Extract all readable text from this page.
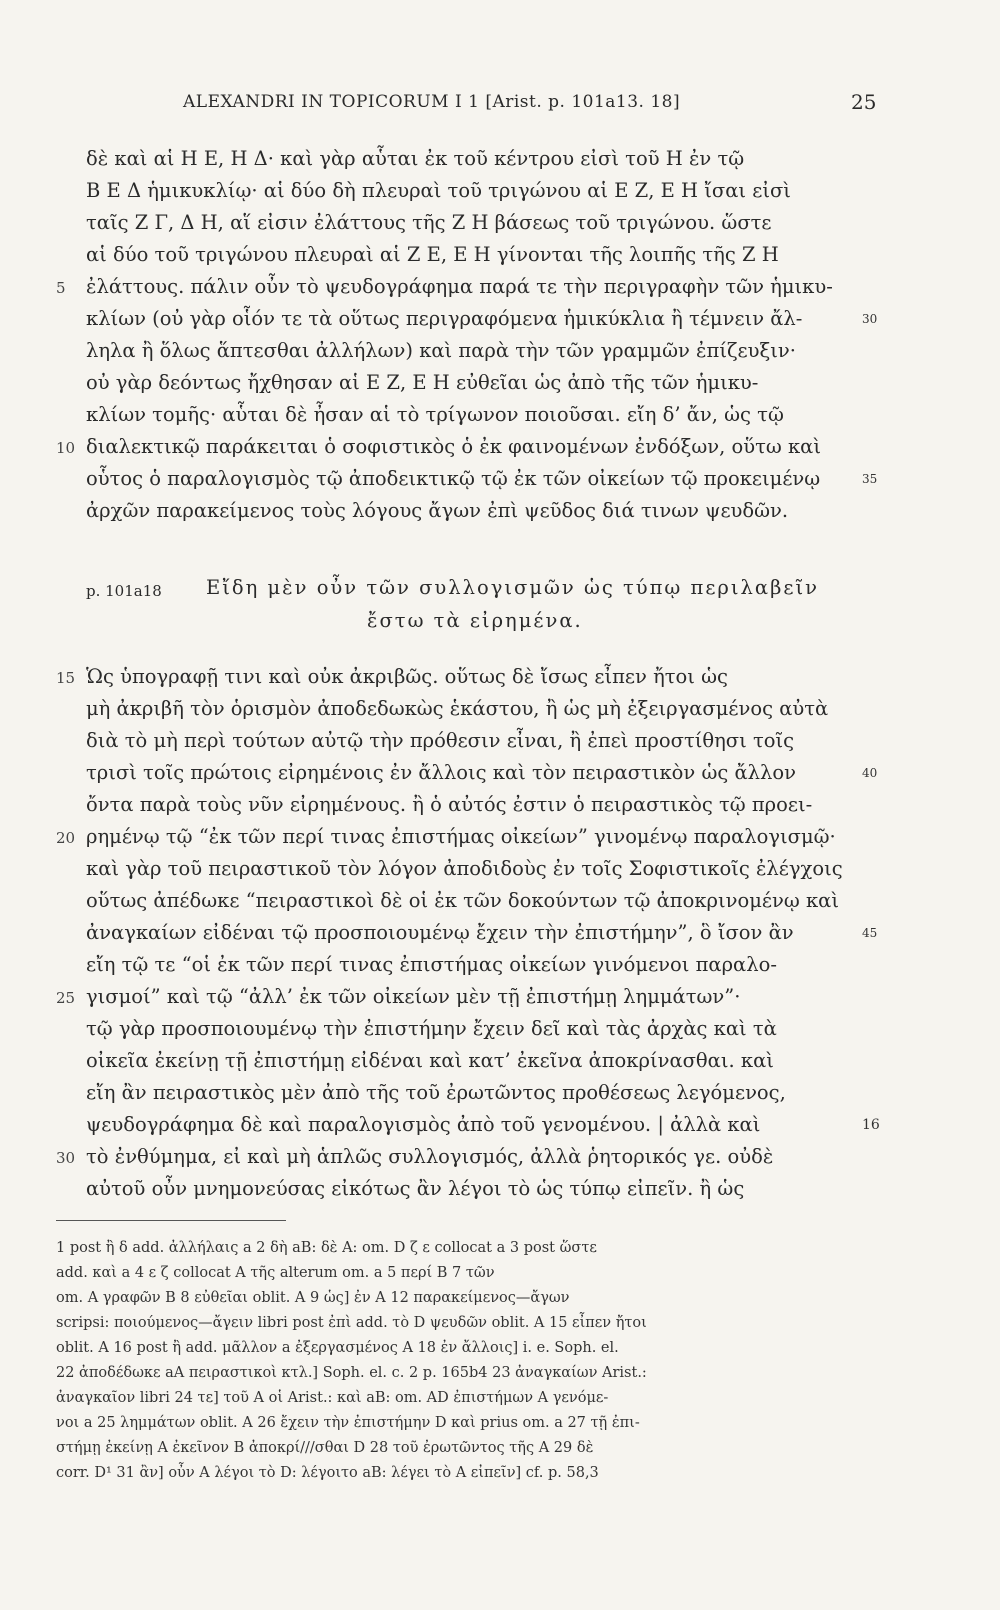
ALEXANDRI IN TOPICORUM I 1 [Arist. p. 101a13. 18]	25
δὲ καὶ αἱ Η Ε, Η Δ· καὶ γὰρ αὗται ἐκ τοῦ κέντρου εἰσὶ τοῦ Η ἐν τῷ
Β Ε Δ ἡμικυκλίῳ· αἱ δύο δὴ πλευραὶ τοῦ τριγώνου αἱ Ε Ζ, Ε Η ἴσαι εἰσὶ
ταῖς Ζ Γ, Δ Η, αἵ εἰσιν ἐλάττους τῆς Ζ Η βάσεως τοῦ τριγώνου. ὥστε
αἱ δύο τοῦ τριγώνου πλευραὶ αἱ Ζ Ε, Ε Η γίνονται τῆς λοιπῆς τῆς Ζ Η
ἐλάττους. πάλιν οὖν τὸ ψευδογράφημα παρά τε τὴν περιγραφὴν τῶν ἡμικυ-
κλίων (οὐ γὰρ οἷόν τε τὰ οὕτως περιγραφόμενα ἡμικύκλια ἢ τέμνειν ἄλ-
ληλα ἢ ὅλως ἅπτεσθαι ἀλλήλων) καὶ παρὰ τὴν τῶν γραμμῶν ἐπίζευξιν·
οὐ γὰρ δεόντως ἤχθησαν αἱ Ε Ζ, Ε Η εὐθεῖαι ὡς ἀπὸ τῆς τῶν ἡμικυ-
κλίων τομῆς· αὗται δὲ ἦσαν αἱ τὸ τρίγωνον ποιοῦσαι. εἴη δ’ ἄν, ὡς τῷ
διαλεκτικῷ παράκειται ὁ σοφιστικὸς ὁ ἐκ φαινομένων ἐνδόξων, οὕτω καὶ
οὗτος ὁ παραλογισμὸς τῷ ἀποδεικτικῷ τῷ ἐκ τῶν οἰκείων τῷ προκειμένῳ
ἀρχῶν παρακείμενος τοὺς λόγους ἄγων ἐπὶ ψεῦδος διά τινων ψευδῶν.
p. 101a18 Εἴδη μὲν οὖν τῶν συλλογισμῶν ὡς τύπῳ περιλαβεῖν
ἔστω τὰ εἰρημένα.
Ὡς ὑπογραφῇ τινι καὶ οὐκ ἀκριβῶς. οὕτως δὲ ἴσως εἶπεν ἤτοι ὡς
μὴ ἀκριβῆ τὸν ὁρισμὸν ἀποδεδωκὼς ἑκάστου, ἢ ὡς μὴ ἐξειργασμένος αὐτὰ
διὰ τὸ μὴ περὶ τούτων αὐτῷ τὴν πρόθεσιν εἶναι, ἢ ἐπεὶ προστίθησι τοῖς
τρισὶ τοῖς πρώτοις εἰρημένοις ἐν ἄλλοις καὶ τὸν πειραστικὸν ὡς ἄλλον
ὄντα παρὰ τοὺς νῦν εἰρημένους. ἢ ὁ αὐτός ἐστιν ὁ πειραστικὸς τῷ προει-
ρημένῳ τῷ “ἐκ τῶν περί τινας ἐπιστήμας οἰκείων” γινομένῳ παραλογισμῷ·
καὶ γὰρ τοῦ πειραστικοῦ τὸν λόγον ἀποδιδοὺς ἐν τοῖς Σοφιστικοῖς ἐλέγχοις
οὕτως ἀπέδωκε “πειραστικοὶ δὲ οἱ ἐκ τῶν δοκούντων τῷ ἀποκρινομένῳ καὶ
ἀναγκαίων εἰδέναι τῷ προσποιουμένῳ ἔχειν τὴν ἐπιστήμην”, ὃ ἴσον ἂν
εἴη τῷ τε “οἱ ἐκ τῶν περί τινας ἐπιστήμας οἰκείων γινόμενοι παραλο-
γισμοί” καὶ τῷ “ἀλλ’ ἐκ τῶν οἰκείων μὲν τῇ ἐπιστήμῃ λημμάτων”·
τῷ γὰρ προσποιουμένῳ τὴν ἐπιστήμην ἔχειν δεῖ καὶ τὰς ἀρχὰς καὶ τὰ
οἰκεῖα ἐκείνῃ τῇ ἐπιστήμῃ εἰδέναι καὶ κατ’ ἐκεῖνα ἀποκρίνασθαι. καὶ
εἴη ἂν πειραστικὸς μὲν ἀπὸ τῆς τοῦ ἐρωτῶντος προθέσεως λεγόμενος,
ψευδογράφημα δὲ καὶ παραλογισμὸς ἀπὸ τοῦ γενομένου. | ἀλλὰ καὶ
τὸ ἐνθύμημα, εἰ καὶ μὴ ἁπλῶς συλλογισμός, ἀλλὰ ῥητορικός γε. οὐδὲ
αὐτοῦ οὖν μνημονεύσας εἰκότως ἂν λέγοι τὸ ὡς τύπῳ εἰπεῖν. ἢ ὡς
5
10
15
20
25
30
30
35
40
45
16
1 post ἢ δ add. ἀλλήλαις a 2 δὴ aB: δὲ A: om. D ζ ε collocat a 3 post ὥστε
add. καὶ a 4 ε ζ collocat A τῆς alterum om. a 5 περί B 7 τῶν
om. A γραφῶν B 8 εὐθεῖαι oblit. A 9 ὡς] ἐν A 12 παρακείμενος—ἄγων
scripsi: ποιούμενος—ἄγειν libri post ἐπὶ add. τὸ D ψευδῶν oblit. A 15 εἶπεν ἤτοι
oblit. A 16 post ἢ add. μᾶλλον a ἐξεργασμένος A 18 ἐν ἄλλοις] i. e. Soph. el.
22 ἀποδέδωκε aA πειραστικοὶ κτλ.] Soph. el. c. 2 p. 165b4 23 ἀναγκαίων Arist.:
ἀναγκαῖον libri 24 τε] τοῦ A οἱ Arist.: καὶ aB: om. AD ἐπιστήμων A γενόμε-
νοι a 25 λημμάτων oblit. A 26 ἔχειν τὴν ἐπιστήμην D καὶ prius om. a 27 τῇ ἐπι-
στήμῃ ἐκείνῃ A ἐκεῖνον B ἀποκρί///σθαι D 28 τοῦ ἐρωτῶντος τῆς A 29 δὲ
corr. D¹ 31 ἂν] οὖν A λέγοι τὸ D: λέγοιτο aB: λέγει τὸ A εἰπεῖν] cf. p. 58,3
